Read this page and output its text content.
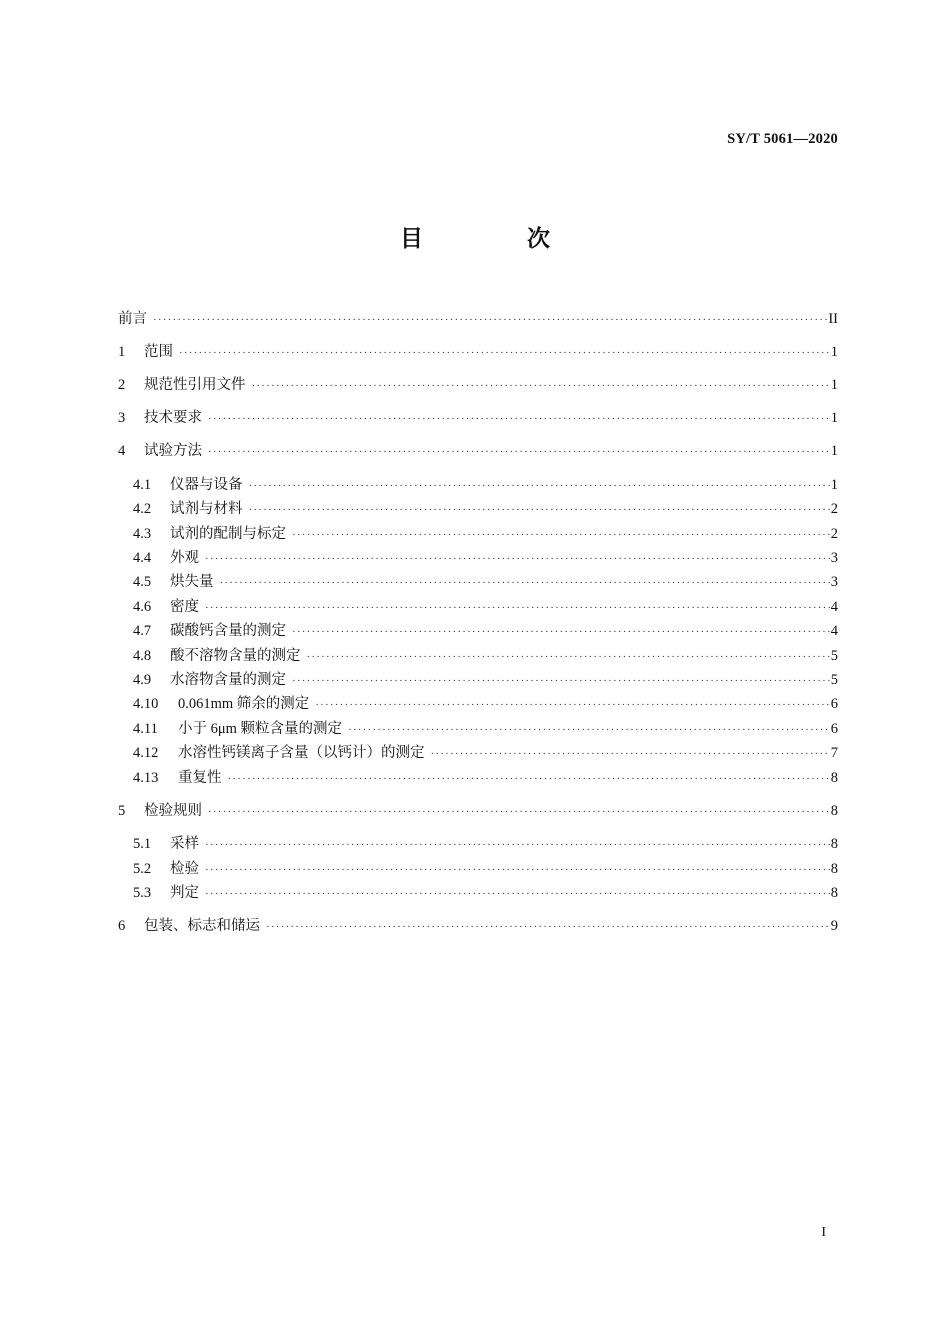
SY/T 5061—2020
目 次
前言 ·····	II
1	范围 ·····	1
2	规范性引用文件 ·····	1
3	技术要求 ·····	1
4	试验方法 ·····	1
4.1	仪器与设备 ·····	1
4.2	试剂与材料 ·····	2
4.3	试剂的配制与标定 ·····	2
4.4	外观 ·····	3
4.5	烘失量 ·····	3
4.6	密度 ·····	4
4.7	碳酸钙含量的测定 ·····	4
4.8	酸不溶物含量的测定 ·····	5
4.9	水溶物含量的测定 ·····	5
4.10	0.061mm 筛余的测定 ·····	6
4.11	小于 6μm 颗粒含量的测定 ·····	6
4.12	水溶性钙镁离子含量（以钙计）的测定 ·····	7
4.13	重复性 ·····	8
5	检验规则 ·····	8
5.1	采样 ·····	8
5.2	检验 ·····	8
5.3	判定 ·····	8
6	包装、标志和储运 ·····	9
I
